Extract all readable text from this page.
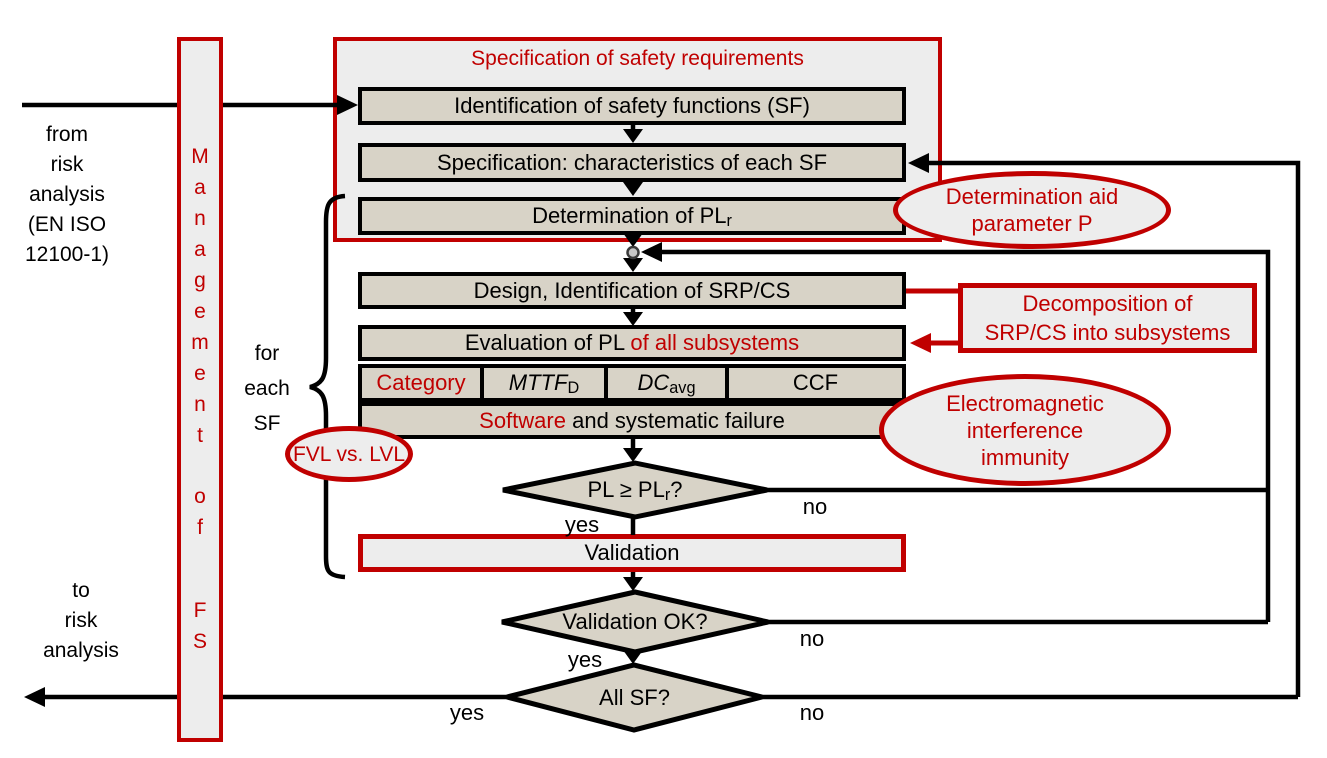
Specification of safety requirements
Identification of safety functions (SF)
Specification: characteristics of each SF
Determination of $PL_r$
Design, Identification of SRP/CS
Evaluation of PL of all subsystems
Category $MTTF_D$	$DC_{avg}$	CCF
Software and systematic failure
Validation
PL ≥ $PL_r$?
Validation OK?
All SF?
yes
no
yes
no
yes	no
Determination aid
parameter P
Decomposition of
SRP/CS into subsystems
Electromagnetic
interference
immunity
FVL vs. LVL
M
a
n
a
g
e
m
e
n
t
o
f
F
S
from
risk
analysis
(EN ISO
12100-1)
to
risk
analysis
for
each
SF
